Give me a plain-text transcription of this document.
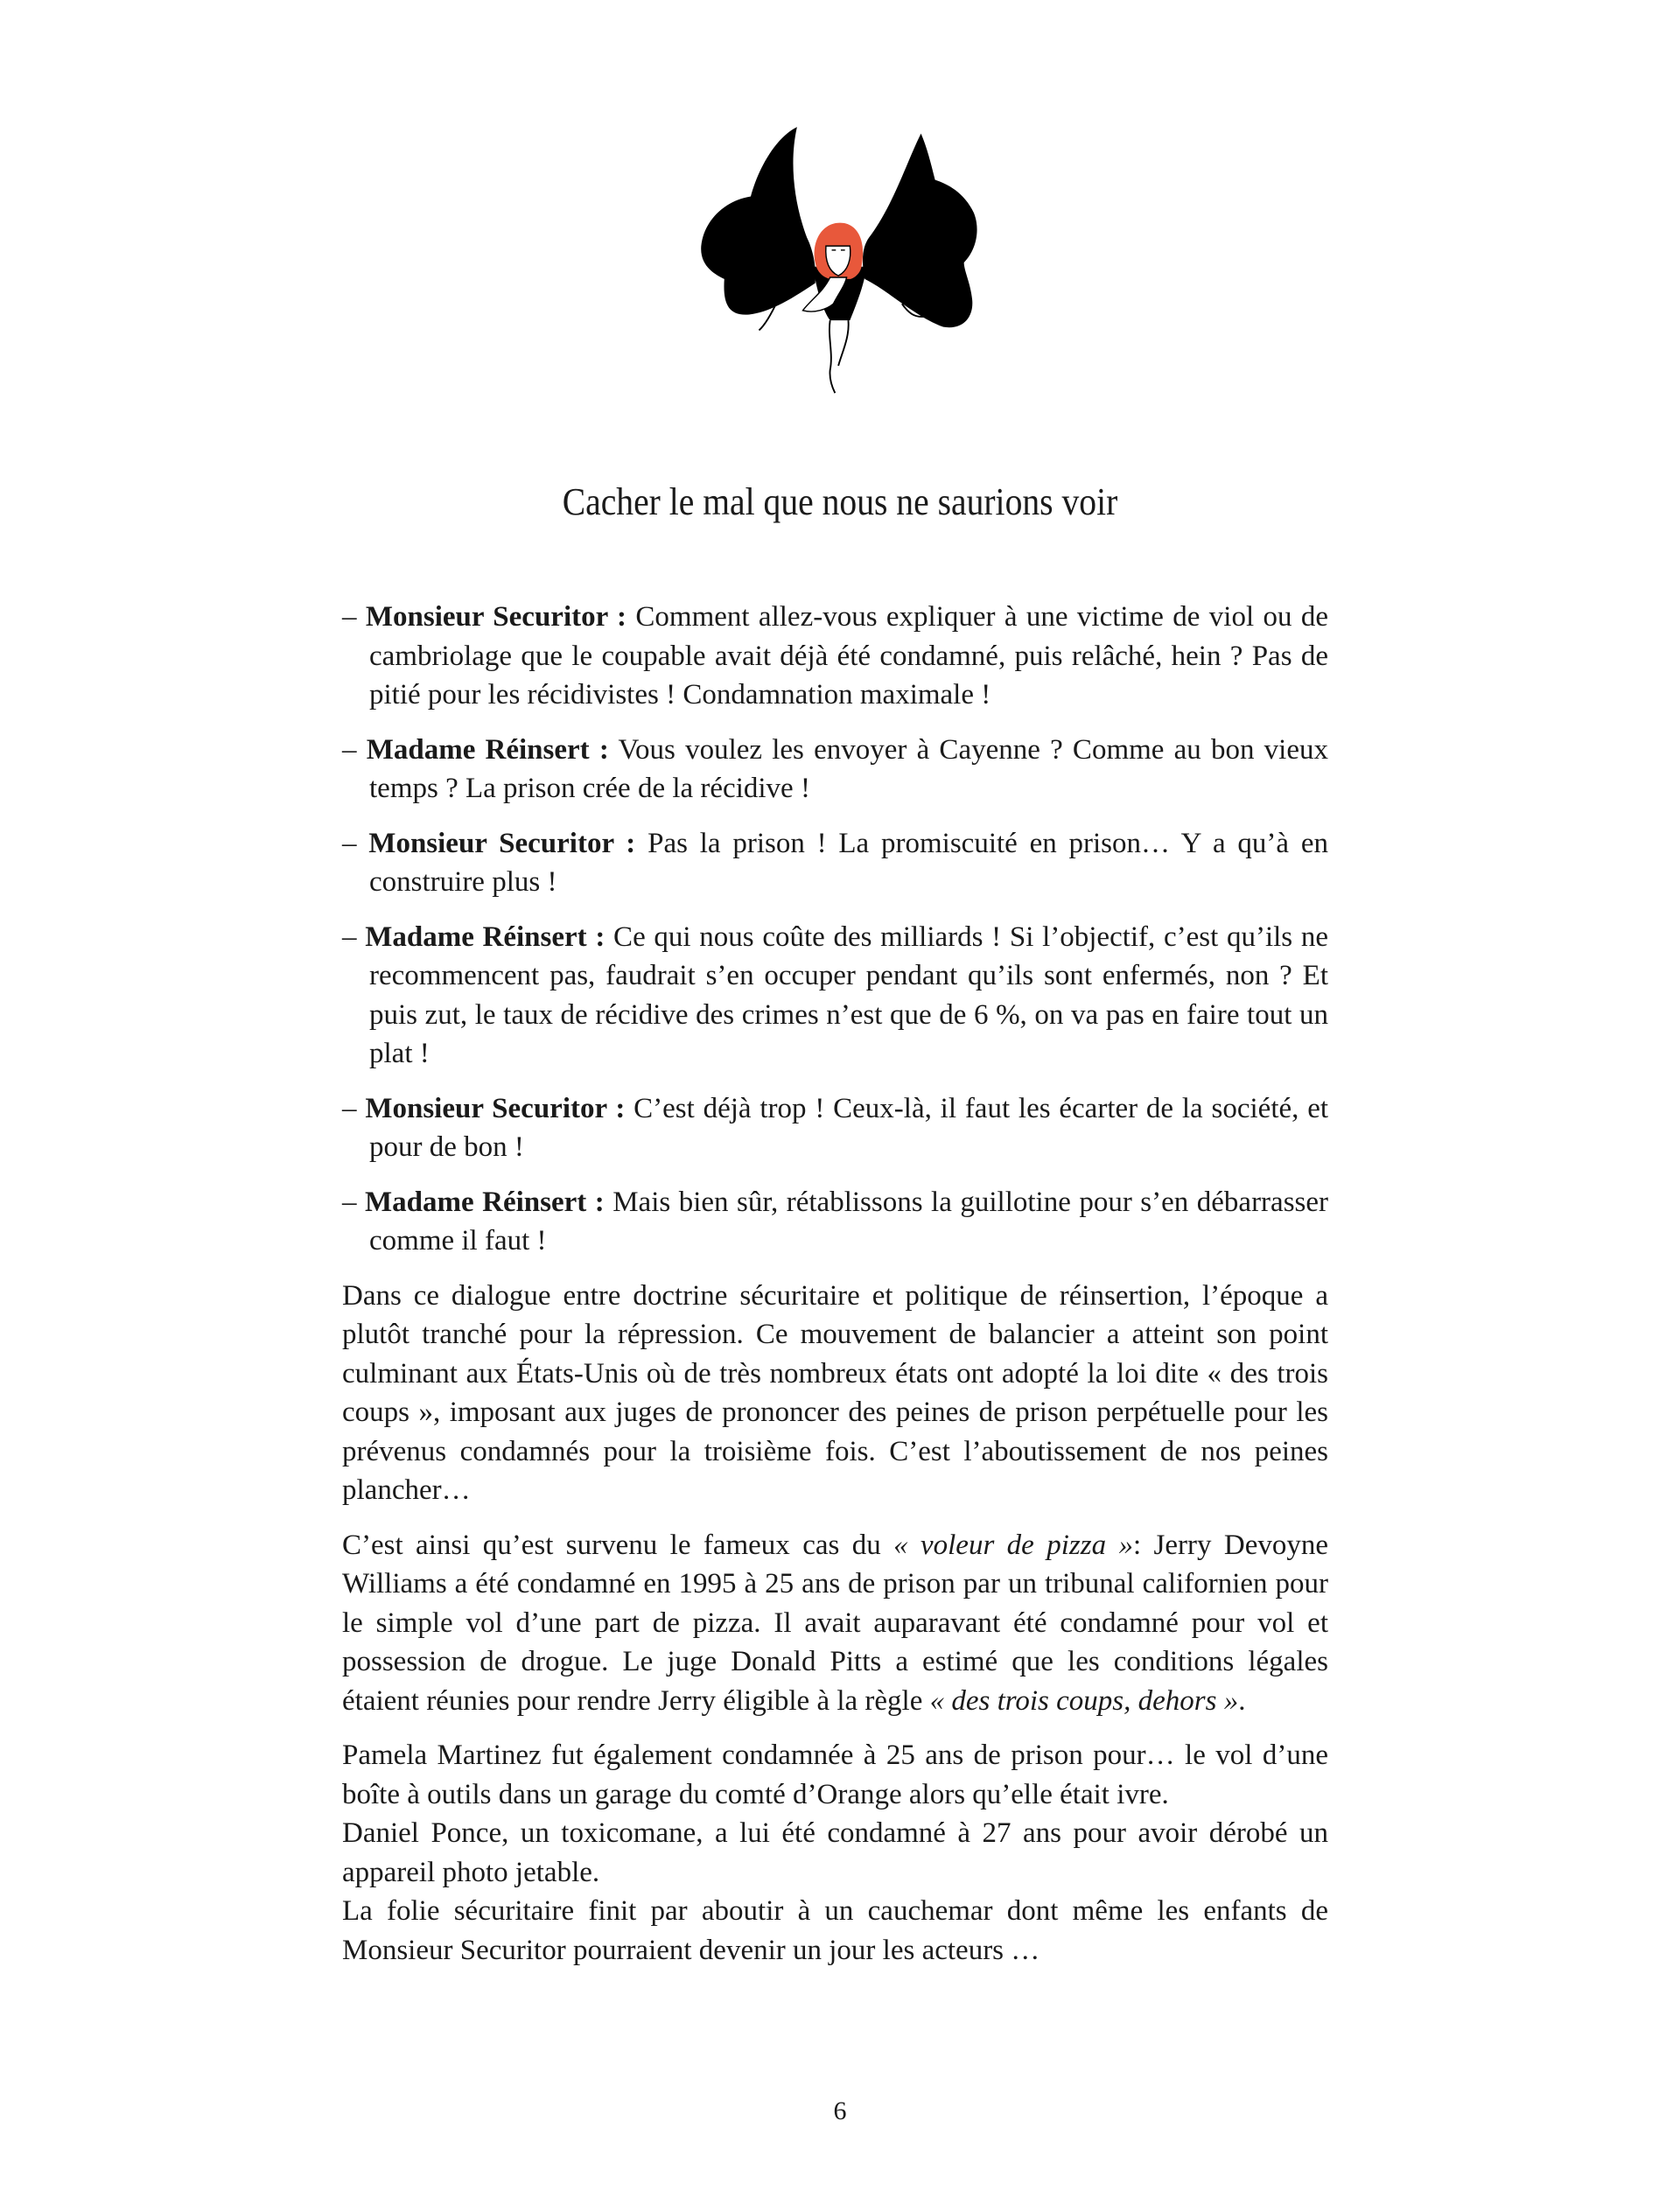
Cacher le mal que nous ne saurions voir

– Monsieur Securitor : Comment allez-vous expliquer à une victime de viol ou de cambriolage que le coupable avait déjà été condamné, puis relâché, hein ? Pas de pitié pour les récidivistes ! Condamnation maximale !

– Madame Réinsert : Vous voulez les envoyer à Cayenne ? Comme au bon vieux temps ? La prison crée de la récidive !

– Monsieur Securitor : Pas la prison ! La promiscuité en prison… Y a qu’à en construire plus !

– Madame Réinsert : Ce qui nous coûte des milliards ! Si l’objectif, c’est qu’ils ne recommencent pas, faudrait s’en occuper pendant qu’ils sont enfermés, non ? Et puis zut, le taux de récidive des crimes n’est que de 6 %, on va pas en faire tout un plat !

– Monsieur Securitor : C’est déjà trop ! Ceux-là, il faut les écarter de la société, et pour de bon !

– Madame Réinsert : Mais bien sûr, rétablissons la guillotine pour s’en débarrasser comme il faut !

Dans ce dialogue entre doctrine sécuritaire et politique de réinsertion, l’époque a plutôt tranché pour la répression. Ce mouvement de balancier a atteint son point culminant aux États-Unis où de très nombreux états ont adopté la loi dite « des trois coups », imposant aux juges de prononcer des peines de prison perpétuelle pour les prévenus condamnés pour la troisième fois. C’est l’aboutissement de nos peines plancher…

C’est ainsi qu’est survenu le fameux cas du « voleur de pizza »: Jerry Devoyne Williams a été condamné en 1995 à 25 ans de prison par un tribunal californien pour le simple vol d’une part de pizza. Il avait auparavant été condamné pour vol et possession de drogue. Le juge Donald Pitts a estimé que les conditions légales étaient réunies pour rendre Jerry éligible à la règle « des trois coups, dehors ».

Pamela Martinez fut également condamnée à 25 ans de prison pour… le vol d’une boîte à outils dans un garage du comté d’Orange alors qu’elle était ivre.

Daniel Ponce, un toxicomane, a lui été condamné à 27 ans pour avoir dérobé un appareil photo jetable.

La folie sécuritaire finit par aboutir à un cauchemar dont même les enfants de Monsieur Securitor pourraient devenir un jour les acteurs …

6
